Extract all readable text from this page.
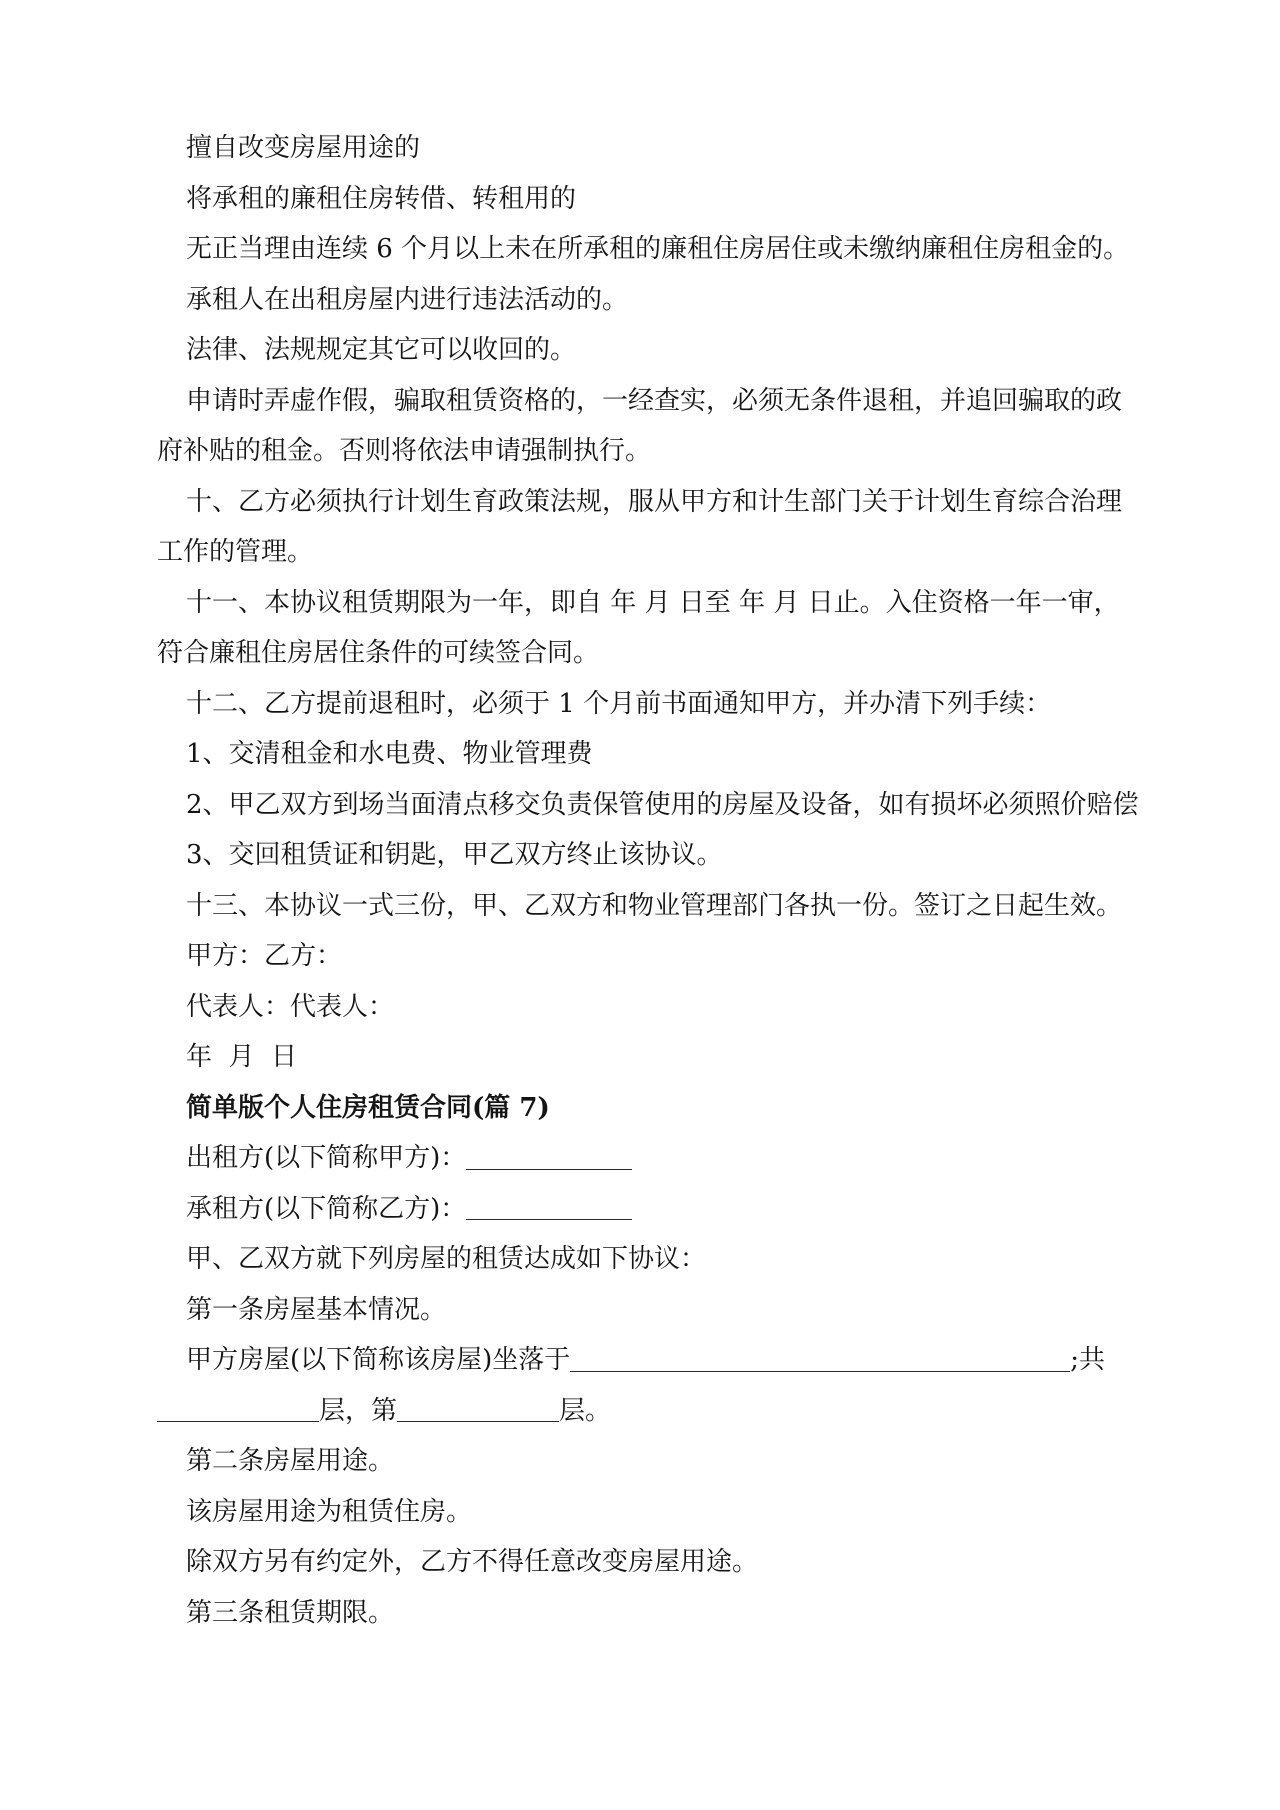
擅自改变房屋用途的
将承租的廉租住房转借、转租用的
无正当理由连续 6 个月以上未在所承租的廉租住房居住或未缴纳廉租住房租金的。
承租人在出租房屋内进行违法活动的。
法律、法规规定其它可以收回的。
申请时弄虚作假，骗取租赁资格的，一经查实，必须无条件退租，并追回骗取的政
府补贴的租金。否则将依法申请强制执行。
十、乙方必须执行计划生育政策法规，服从甲方和计生部门关于计划生育综合治理
工作的管理。
十一、本协议租赁期限为一年，即自 年 月 日至 年 月 日止。入住资格一年一审，
符合廉租住房居住条件的可续签合同。
十二、乙方提前退租时，必须于 1 个月前书面通知甲方，并办清下列手续：
1、交清租金和水电费、物业管理费
2、甲乙双方到场当面清点移交负责保管使用的房屋及设备，如有损坏必须照价赔偿
3、交回租赁证和钥匙，甲乙双方终止该协议。
十三、本协议一式三份，甲、乙双方和物业管理部门各执一份。签订之日起生效。
甲方：乙方：
代表人：代表人：
年  月  日
简单版个人住房租赁合同(篇 7)
出租方(以下简称甲方)：
承租方(以下简称乙方)：
甲、乙双方就下列房屋的租赁达成如下协议：
第一条房屋基本情况。
甲方房屋(以下简称该房屋)坐落于	;共
层，第	层。
第二条房屋用途。
该房屋用途为租赁住房。
除双方另有约定外，乙方不得任意改变房屋用途。
第三条租赁期限。
